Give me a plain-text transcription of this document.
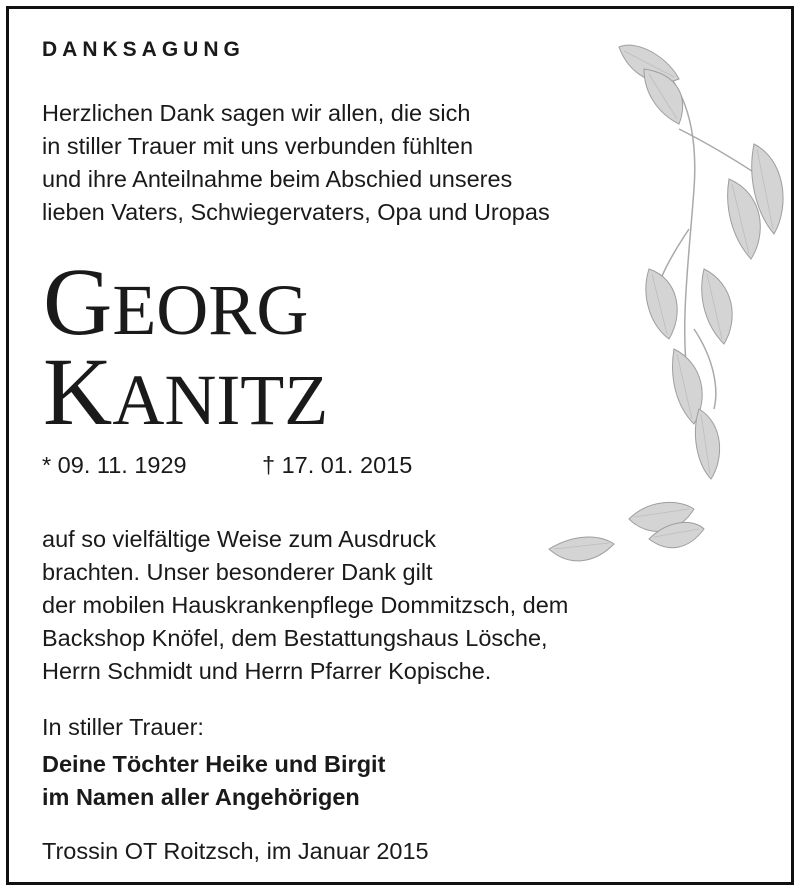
DANKSAGUNG
Herzlichen Dank sagen wir allen, die sich
in stiller Trauer mit uns verbunden fühlten
und ihre Anteilnahme beim Abschied unseres
lieben Vaters, Schwiegervaters, Opa und Uropas
GEORG
KANITZ
* 09. 11. 1929	† 17. 01. 2015
auf so vielfältige Weise zum Ausdruck
brachten. Unser besonderer Dank gilt
der mobilen Hauskrankenpflege Dommitzsch, dem
Backshop Knöfel, dem Bestattungshaus Lösche,
Herrn Schmidt und Herrn Pfarrer Kopische.
In stiller Trauer:
Deine Töchter Heike und Birgit
im Namen aller Angehörigen
Trossin OT Roitzsch, im Januar 2015
